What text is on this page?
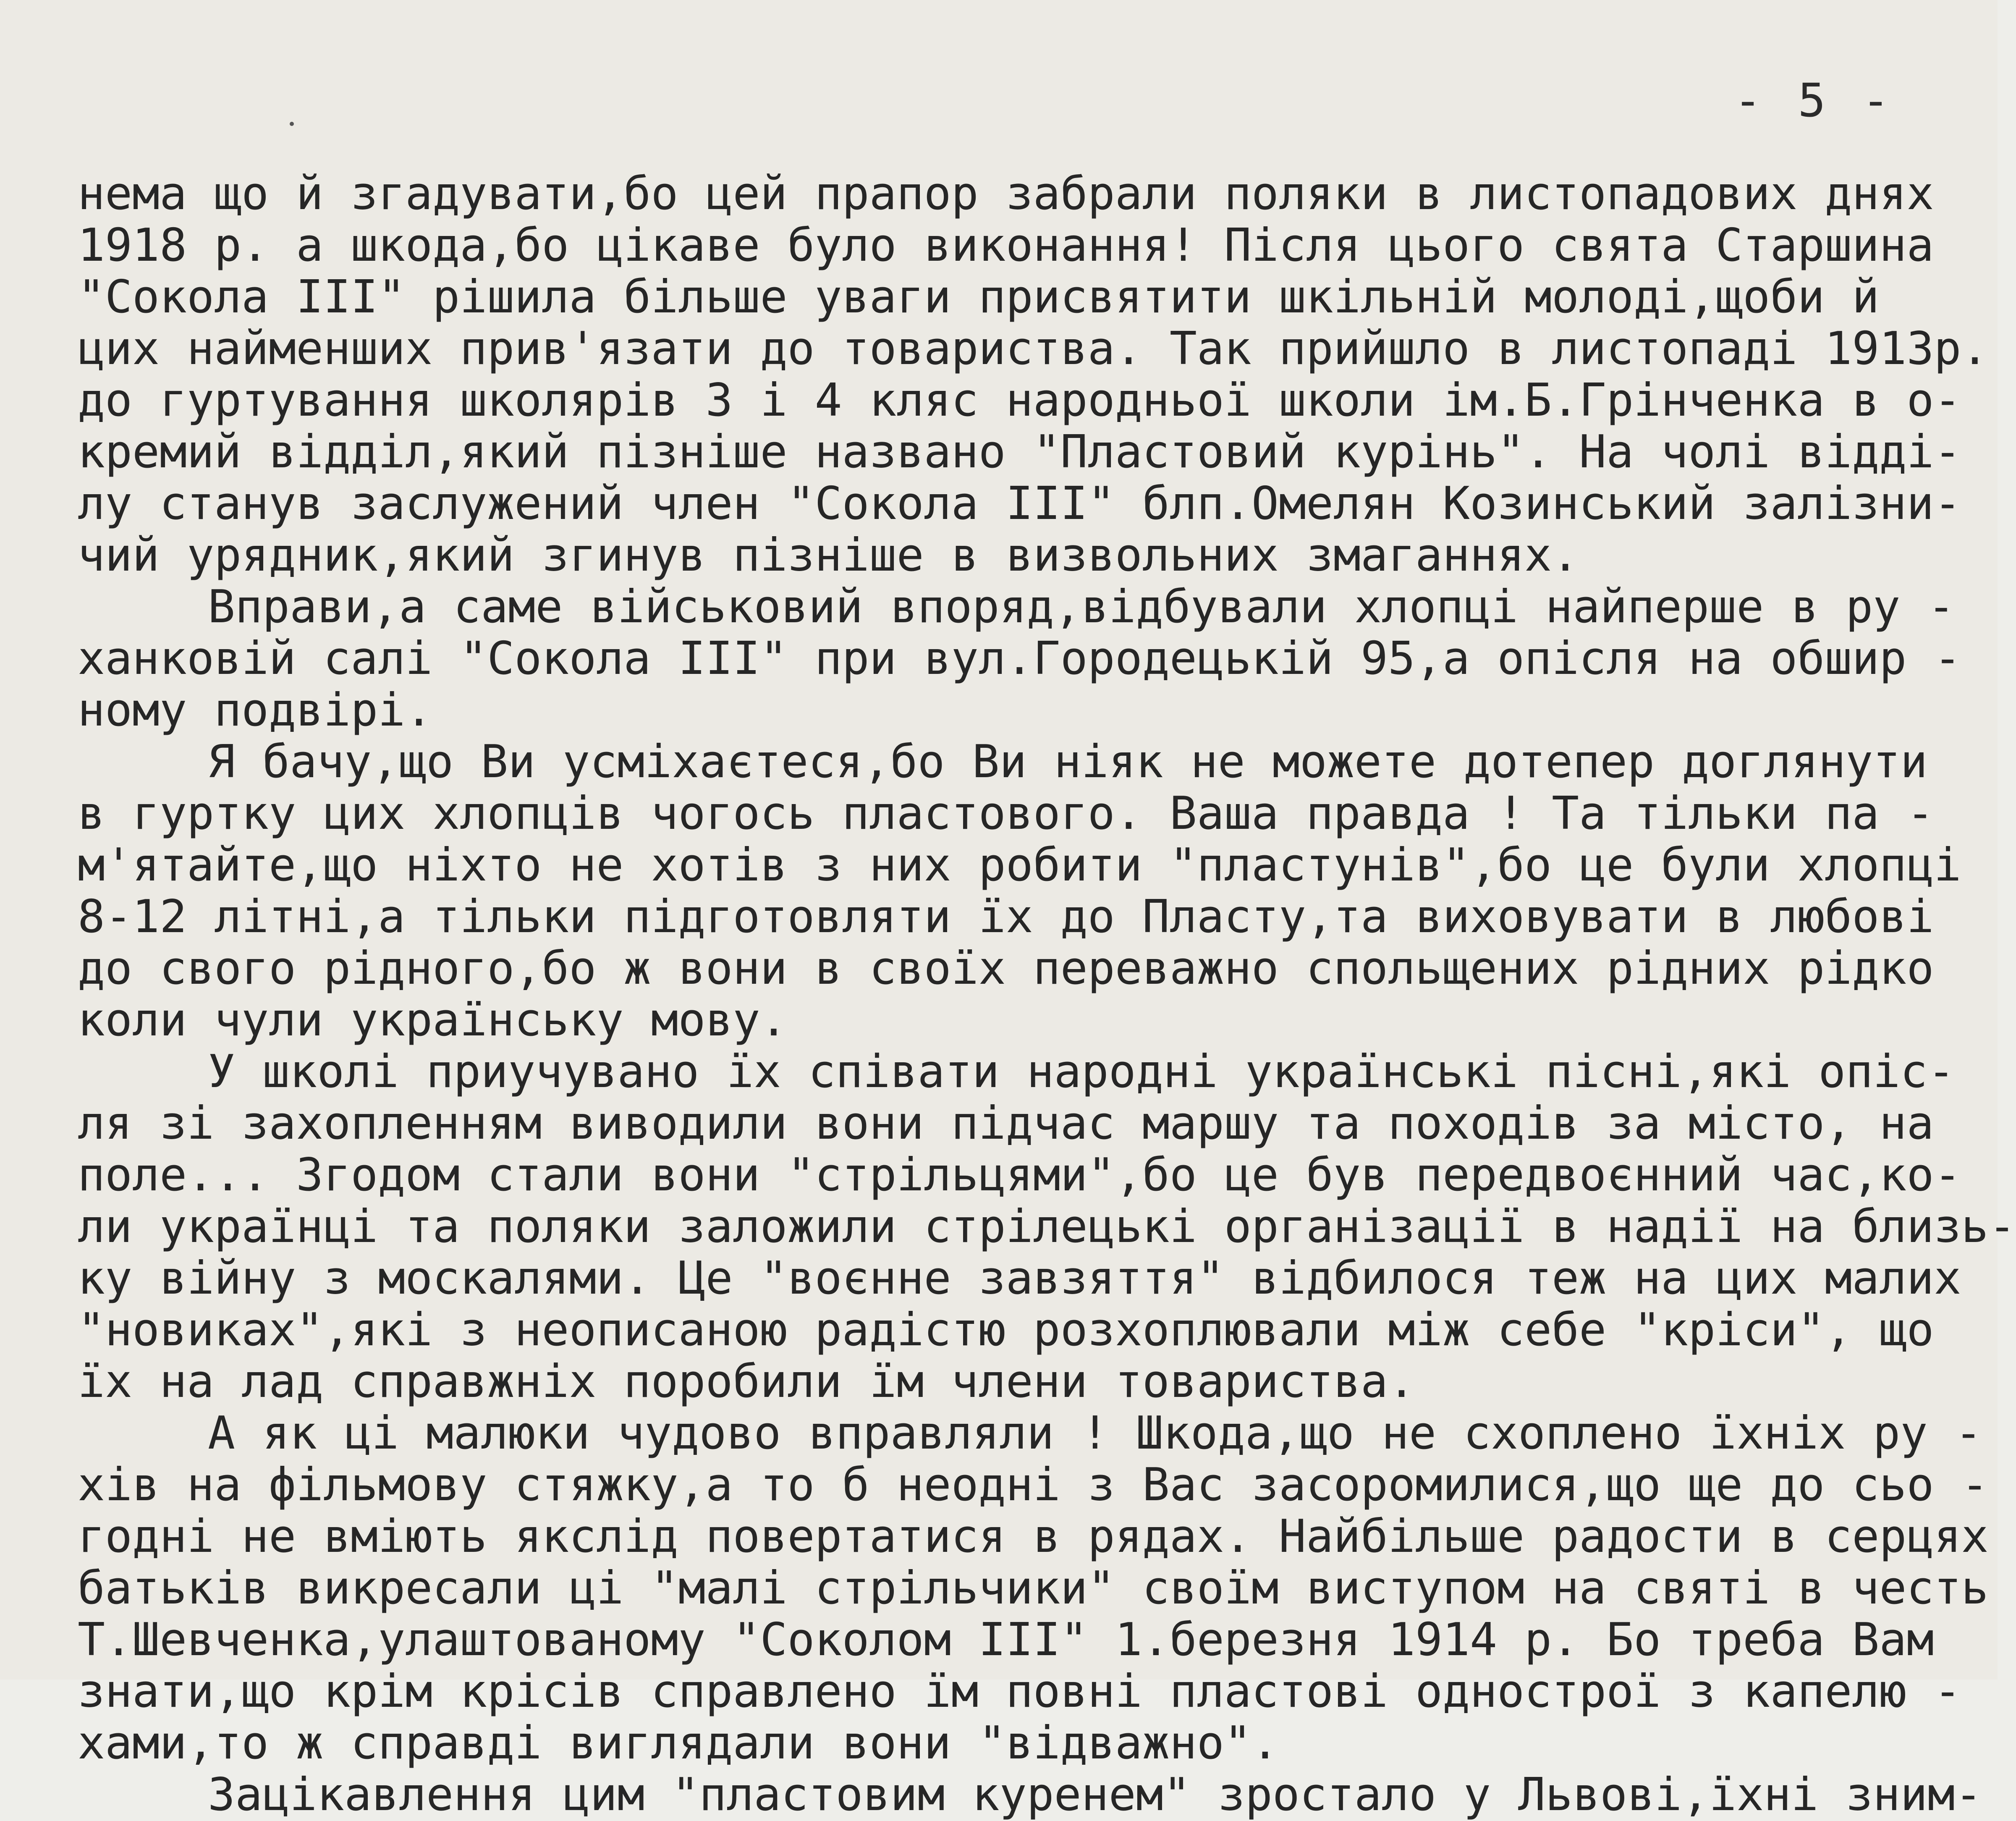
- 5 -
нема що й згадувати,бо цей прапор забрали поляки в листопадових днях
1918 р. а шкода,бо цікаве було виконання! Після цього свята Старшина
"Сокола III" рішила більше уваги присвятити шкільній молоді,щоби й
цих найменших прив'язати до товариства. Так прийшло в листопаді 1913р.
до гуртування школярів 3 і 4 кляс народньої школи ім.Б.Грінченка в о-
кремий відділ,який пізніше названо "Пластовий курінь". На чолі відді-
лу станув заслужений член "Сокола III" блп.Омелян Козинський залізни-
чий урядник,який згинув пізніше в визвольних змаганнях.
Вправи,а саме військовий впоряд,відбували хлопці найперше в ру -
ханковій салі "Сокола III" при вул.Городецькій 95,а опісля на обшир -
ному подвірі.
Я бачу,що Ви усміхаєтеся,бо Ви ніяк не можете дотепер доглянути
в гуртку цих хлопців чогось пластового. Ваша правда ! Та тільки па -
м'ятайте,що ніхто не хотів з них робити "пластунів",бо це були хлопці
8-12 літні,а тільки підготовляти їх до Пласту,та виховувати в любові
до свого рідного,бо ж вони в своїх переважно спольщених рідних рідко
коли чули українську мову.
У школі приучувано їх співати народні українські пісні,які опіс-
ля зі захопленням виводили вони підчас маршу та походів за місто, на
поле... Згодом стали вони "стрільцями",бо це був передвоєнний час,ко-
ли українці та поляки заложили стрілецькі організації в надії на близь-
ку війну з москалями. Це "воєнне завзяття" відбилося теж на цих малих
"новиках",які з неописаною радістю розхоплювали між себе "кріси", що
їх на лад справжніх поробили їм члени товариства.
А як ці малюки чудово вправляли ! Шкода,що не схоплено їхніх ру -
хів на фільмову стяжку,а то б неодні з Вас засоромилися,що ще до сьо -
годні не вміють якслід повертатися в рядах. Найбільше радости в серцях
батьків викресали ці "малі стрільчики" своїм виступом на святі в честь
Т.Шевченка,улаштованому "Соколом III" 1.березня 1914 р. Бо треба Вам
знати,що крім крісів справлено їм повні пластові однострої з капелю -
хами,то ж справді виглядали вони "відважно".
Зацікавлення цим "пластовим куренем" зростало у Львові,їхні зним-
